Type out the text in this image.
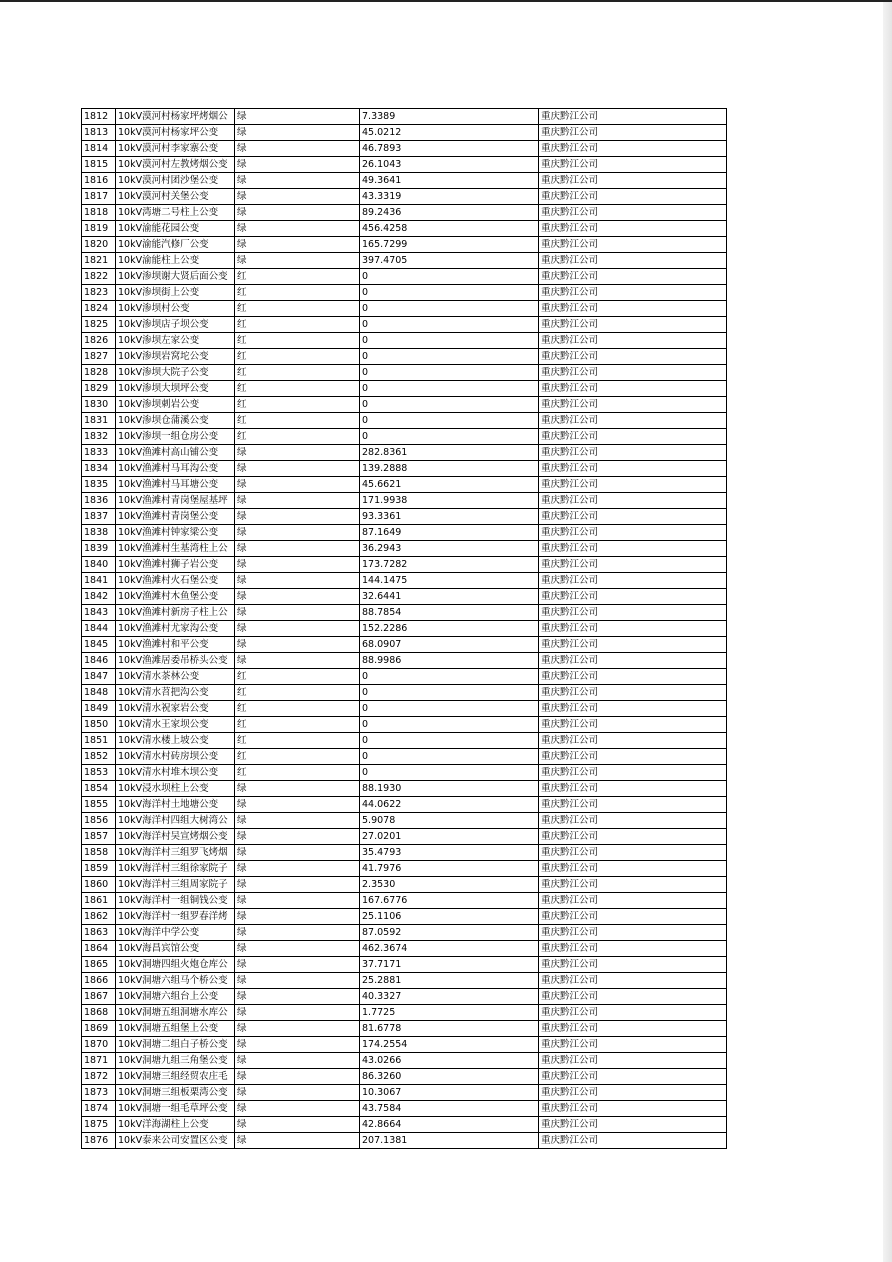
1812	10kV漠河村杨家坪烤烟公	绿	7.3389	重庆黔江公司
1813	10kV漠河村杨家坪公变	绿	45.0212	重庆黔江公司
1814	10kV漠河村李家寨公变	绿	46.7893	重庆黔江公司
1815	10kV漠河村左教烤烟公变	绿	26.1043	重庆黔江公司
1816	10kV漠河村团沙堡公变	绿	49.3641	重庆黔江公司
1817	10kV漠河村关堡公变	绿	43.3319	重庆黔江公司
1818	10kV湾塘二号柱上公变	绿	89.2436	重庆黔江公司
1819	10kV渝能花园公变	绿	456.4258	重庆黔江公司
1820	10kV渝能汽修厂公变	绿	165.7299	重庆黔江公司
1821	10kV渝能柱上公变	绿	397.4705	重庆黔江公司
1822	10kV渗坝谢大贤后面公变	红	0	重庆黔江公司
1823	10kV渗坝街上公变	红	0	重庆黔江公司
1824	10kV渗坝村公变	红	0	重庆黔江公司
1825	10kV渗坝店子坝公变	红	0	重庆黔江公司
1826	10kV渗坝左家公变	红	0	重庆黔江公司
1827	10kV渗坝岩窝坨公变	红	0	重庆黔江公司
1828	10kV渗坝大院子公变	红	0	重庆黔江公司
1829	10kV渗坝大坝坪公变	红	0	重庆黔江公司
1830	10kV渗坝刺岩公变	红	0	重庆黔江公司
1831	10kV渗坝仓蒲溪公变	红	0	重庆黔江公司
1832	10kV渗坝一组仓房公变	红	0	重庆黔江公司
1833	10kV渔滩村高山铺公变	绿	282.8361	重庆黔江公司
1834	10kV渔滩村马耳沟公变	绿	139.2888	重庆黔江公司
1835	10kV渔滩村马耳塘公变	绿	45.6621	重庆黔江公司
1836	10kV渔滩村青岗堡屋基坪	绿	171.9938	重庆黔江公司
1837	10kV渔滩村青岗堡公变	绿	93.3361	重庆黔江公司
1838	10kV渔滩村钟家梁公变	绿	87.1649	重庆黔江公司
1839	10kV渔滩村生基湾柱上公	绿	36.2943	重庆黔江公司
1840	10kV渔滩村狮子岩公变	绿	173.7282	重庆黔江公司
1841	10kV渔滩村火石堡公变	绿	144.1475	重庆黔江公司
1842	10kV渔滩村木鱼堡公变	绿	32.6441	重庆黔江公司
1843	10kV渔滩村新房子柱上公	绿	88.7854	重庆黔江公司
1844	10kV渔滩村尤家沟公变	绿	152.2286	重庆黔江公司
1845	10kV渔滩村和平公变	绿	68.0907	重庆黔江公司
1846	10kV渔滩居委吊桥头公变	绿	88.9986	重庆黔江公司
1847	10kV清水茶林公变	红	0	重庆黔江公司
1848	10kV清水苕把沟公变	红	0	重庆黔江公司
1849	10kV清水祝家岩公变	红	0	重庆黔江公司
1850	10kV清水王家坝公变	红	0	重庆黔江公司
1851	10kV清水楼上坡公变	红	0	重庆黔江公司
1852	10kV清水村砖房坝公变	红	0	重庆黔江公司
1853	10kV清水村堆木坝公变	红	0	重庆黔江公司
1854	10kV浸水坝柱上公变	绿	88.1930	重庆黔江公司
1855	10kV海洋村土地塘公变	绿	44.0622	重庆黔江公司
1856	10kV海洋村四组大树湾公	绿	5.9078	重庆黔江公司
1857	10kV海洋村吴宣烤烟公变	绿	27.0201	重庆黔江公司
1858	10kV海洋村三组罗飞烤烟	绿	35.4793	重庆黔江公司
1859	10kV海洋村三组徐家院子	绿	41.7976	重庆黔江公司
1860	10kV海洋村三组周家院子	绿	2.3530	重庆黔江公司
1861	10kV海洋村一组铜钱公变	绿	167.6776	重庆黔江公司
1862	10kV海洋村一组罗春洋烤	绿	25.1106	重庆黔江公司
1863	10kV海洋中学公变	绿	87.0592	重庆黔江公司
1864	10kV海昌宾馆公变	绿	462.3674	重庆黔江公司
1865	10kV洞塘四组火炮仓库公	绿	37.7171	重庆黔江公司
1866	10kV洞塘六组马个桥公变	绿	25.2881	重庆黔江公司
1867	10kV洞塘六组台上公变	绿	40.3327	重庆黔江公司
1868	10kV洞塘五组洞塘水库公	绿	1.7725	重庆黔江公司
1869	10kV洞塘五组堡上公变	绿	81.6778	重庆黔江公司
1870	10kV洞塘二组白子桥公变	绿	174.2554	重庆黔江公司
1871	10kV洞塘九组三角堡公变	绿	43.0266	重庆黔江公司
1872	10kV洞塘三组经贸农庄毛	绿	86.3260	重庆黔江公司
1873	10kV洞塘三组板栗湾公变	绿	10.3067	重庆黔江公司
1874	10kV洞塘一组毛草坪公变	绿	43.7584	重庆黔江公司
1875	10kV洋海湖柱上公变	绿	42.8664	重庆黔江公司
1876	10kV泰来公司安置区公变	绿	207.1381	重庆黔江公司
